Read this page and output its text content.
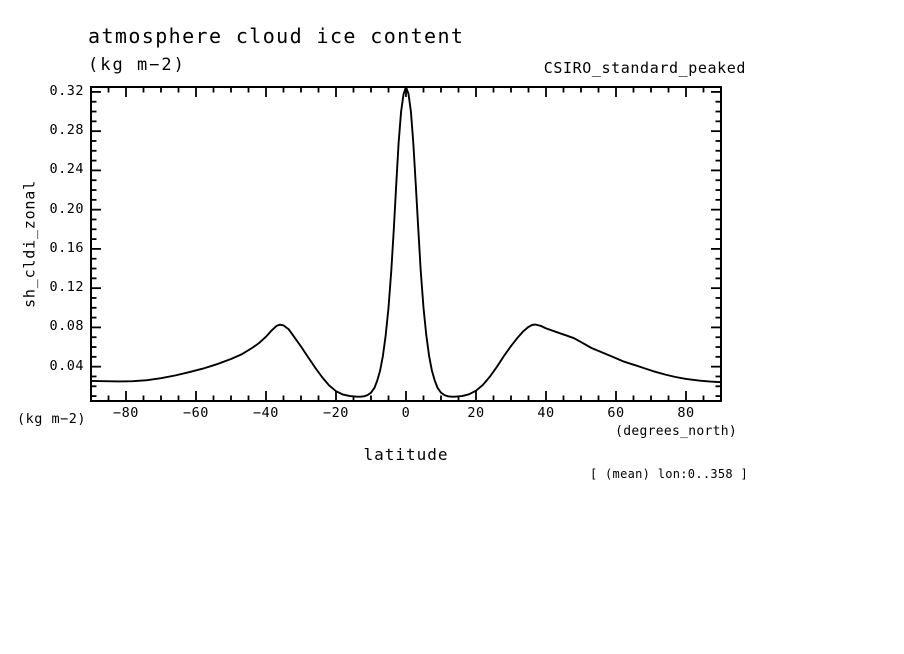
atmosphere cloud ice content
(kg m−2)	CSIRO_standard_peaked
sh_cldi_zonal
(kg m−2)
(degrees_north)
latitude
[ (mean) lon:0..358 ]
0.04
0.08
0.12
0.16
0.20
0.24
0.28
0.32
−80	−60	−40	−20	0	20	40	60	80
